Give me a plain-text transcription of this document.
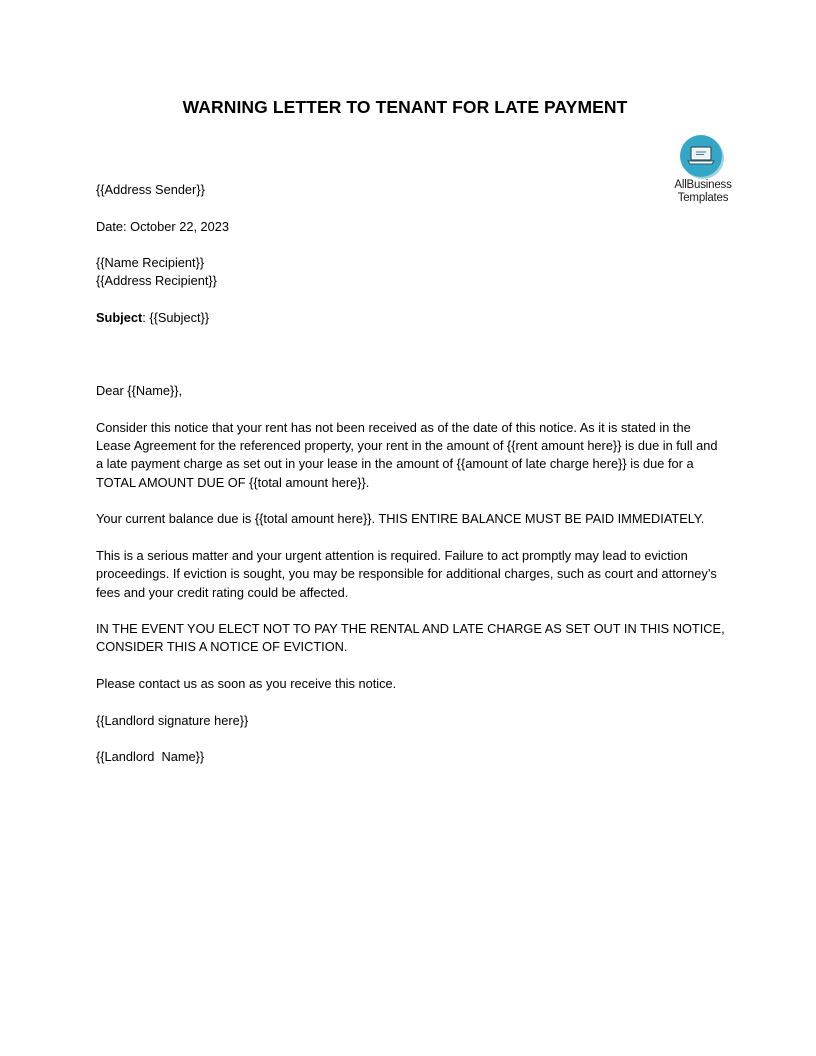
WARNING LETTER TO TENANT FOR LATE PAYMENT
AllBusiness
Templates

{{Address Sender}}

Date: October 22, 2023

{{Name Recipient}}

{{Address Recipient}}

Subject: {{Subject}}

Dear {{Name}},

Consider this notice that your rent has not been received as of the date of this notice. As it is stated in the Lease Agreement for the referenced property, your rent in the amount of {{rent amount here}} is due in full and a late payment charge as set out in your lease in the amount of {{amount of late charge here}} is due for a TOTAL AMOUNT DUE OF {{total amount here}}.

Your current balance due is {{total amount here}}. THIS ENTIRE BALANCE MUST BE PAID IMMEDIATELY.

This is a serious matter and your urgent attention is required. Failure to act promptly may lead to eviction proceedings. If eviction is sought, you may be responsible for additional charges, such as court and attorney’s fees and your credit rating could be affected.

IN THE EVENT YOU ELECT NOT TO PAY THE RENTAL AND LATE CHARGE AS SET OUT IN THIS NOTICE, CONSIDER THIS A NOTICE OF EVICTION.

Please contact us as soon as you receive this notice.

{{Landlord signature here}}

{{Landlord  Name}}
